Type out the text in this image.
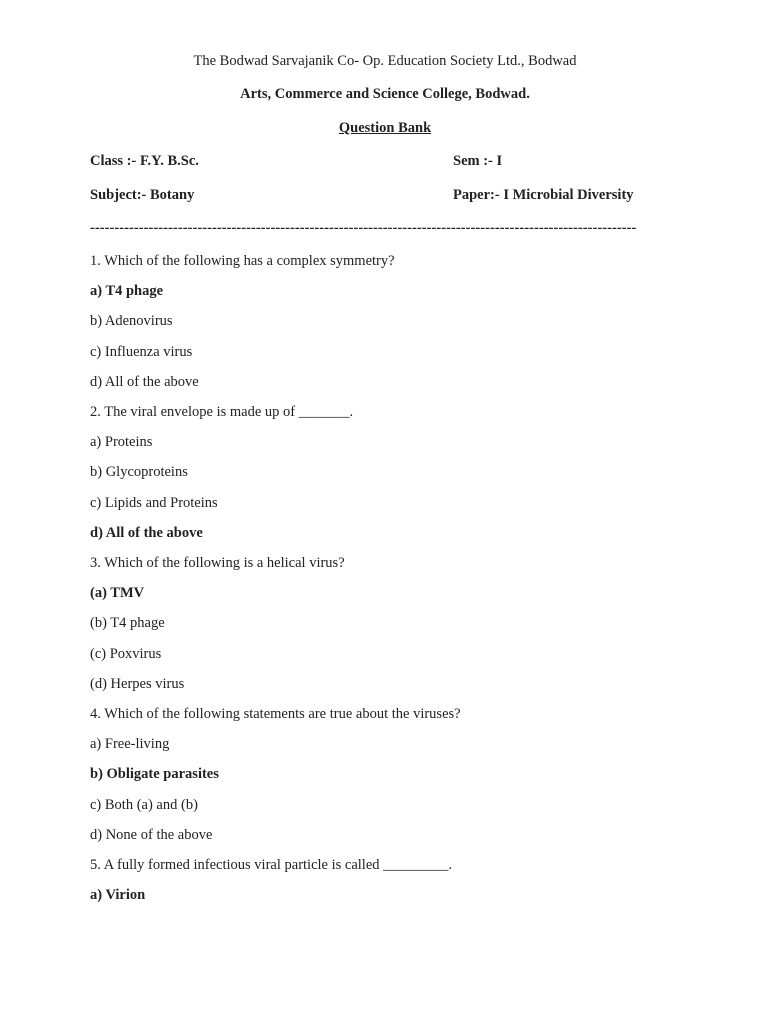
The Bodwad Sarvajanik Co- Op. Education Society Ltd., Bodwad
Arts, Commerce and Science College, Bodwad.
Question Bank
Class :- F.Y. B.Sc.	Sem :- I
Subject:- Botany	Paper:- I Microbial Diversity
----------------------------------------------------------------------------------------------------------------
1. Which of the following has a complex symmetry?
a) T4 phage
b) Adenovirus
c) Influenza virus
d) All of the above
2. The viral envelope is made up of _______.
a) Proteins
b) Glycoproteins
c) Lipids and Proteins
d) All of the above
3. Which of the following is a helical virus?
(a) TMV
(b) T4 phage
(c) Poxvirus
(d) Herpes virus
4. Which of the following statements are true about the viruses?
a) Free-living
b) Obligate parasites
c) Both (a) and (b)
d) None of the above
5. A fully formed infectious viral particle is called _________.
a) Virion
